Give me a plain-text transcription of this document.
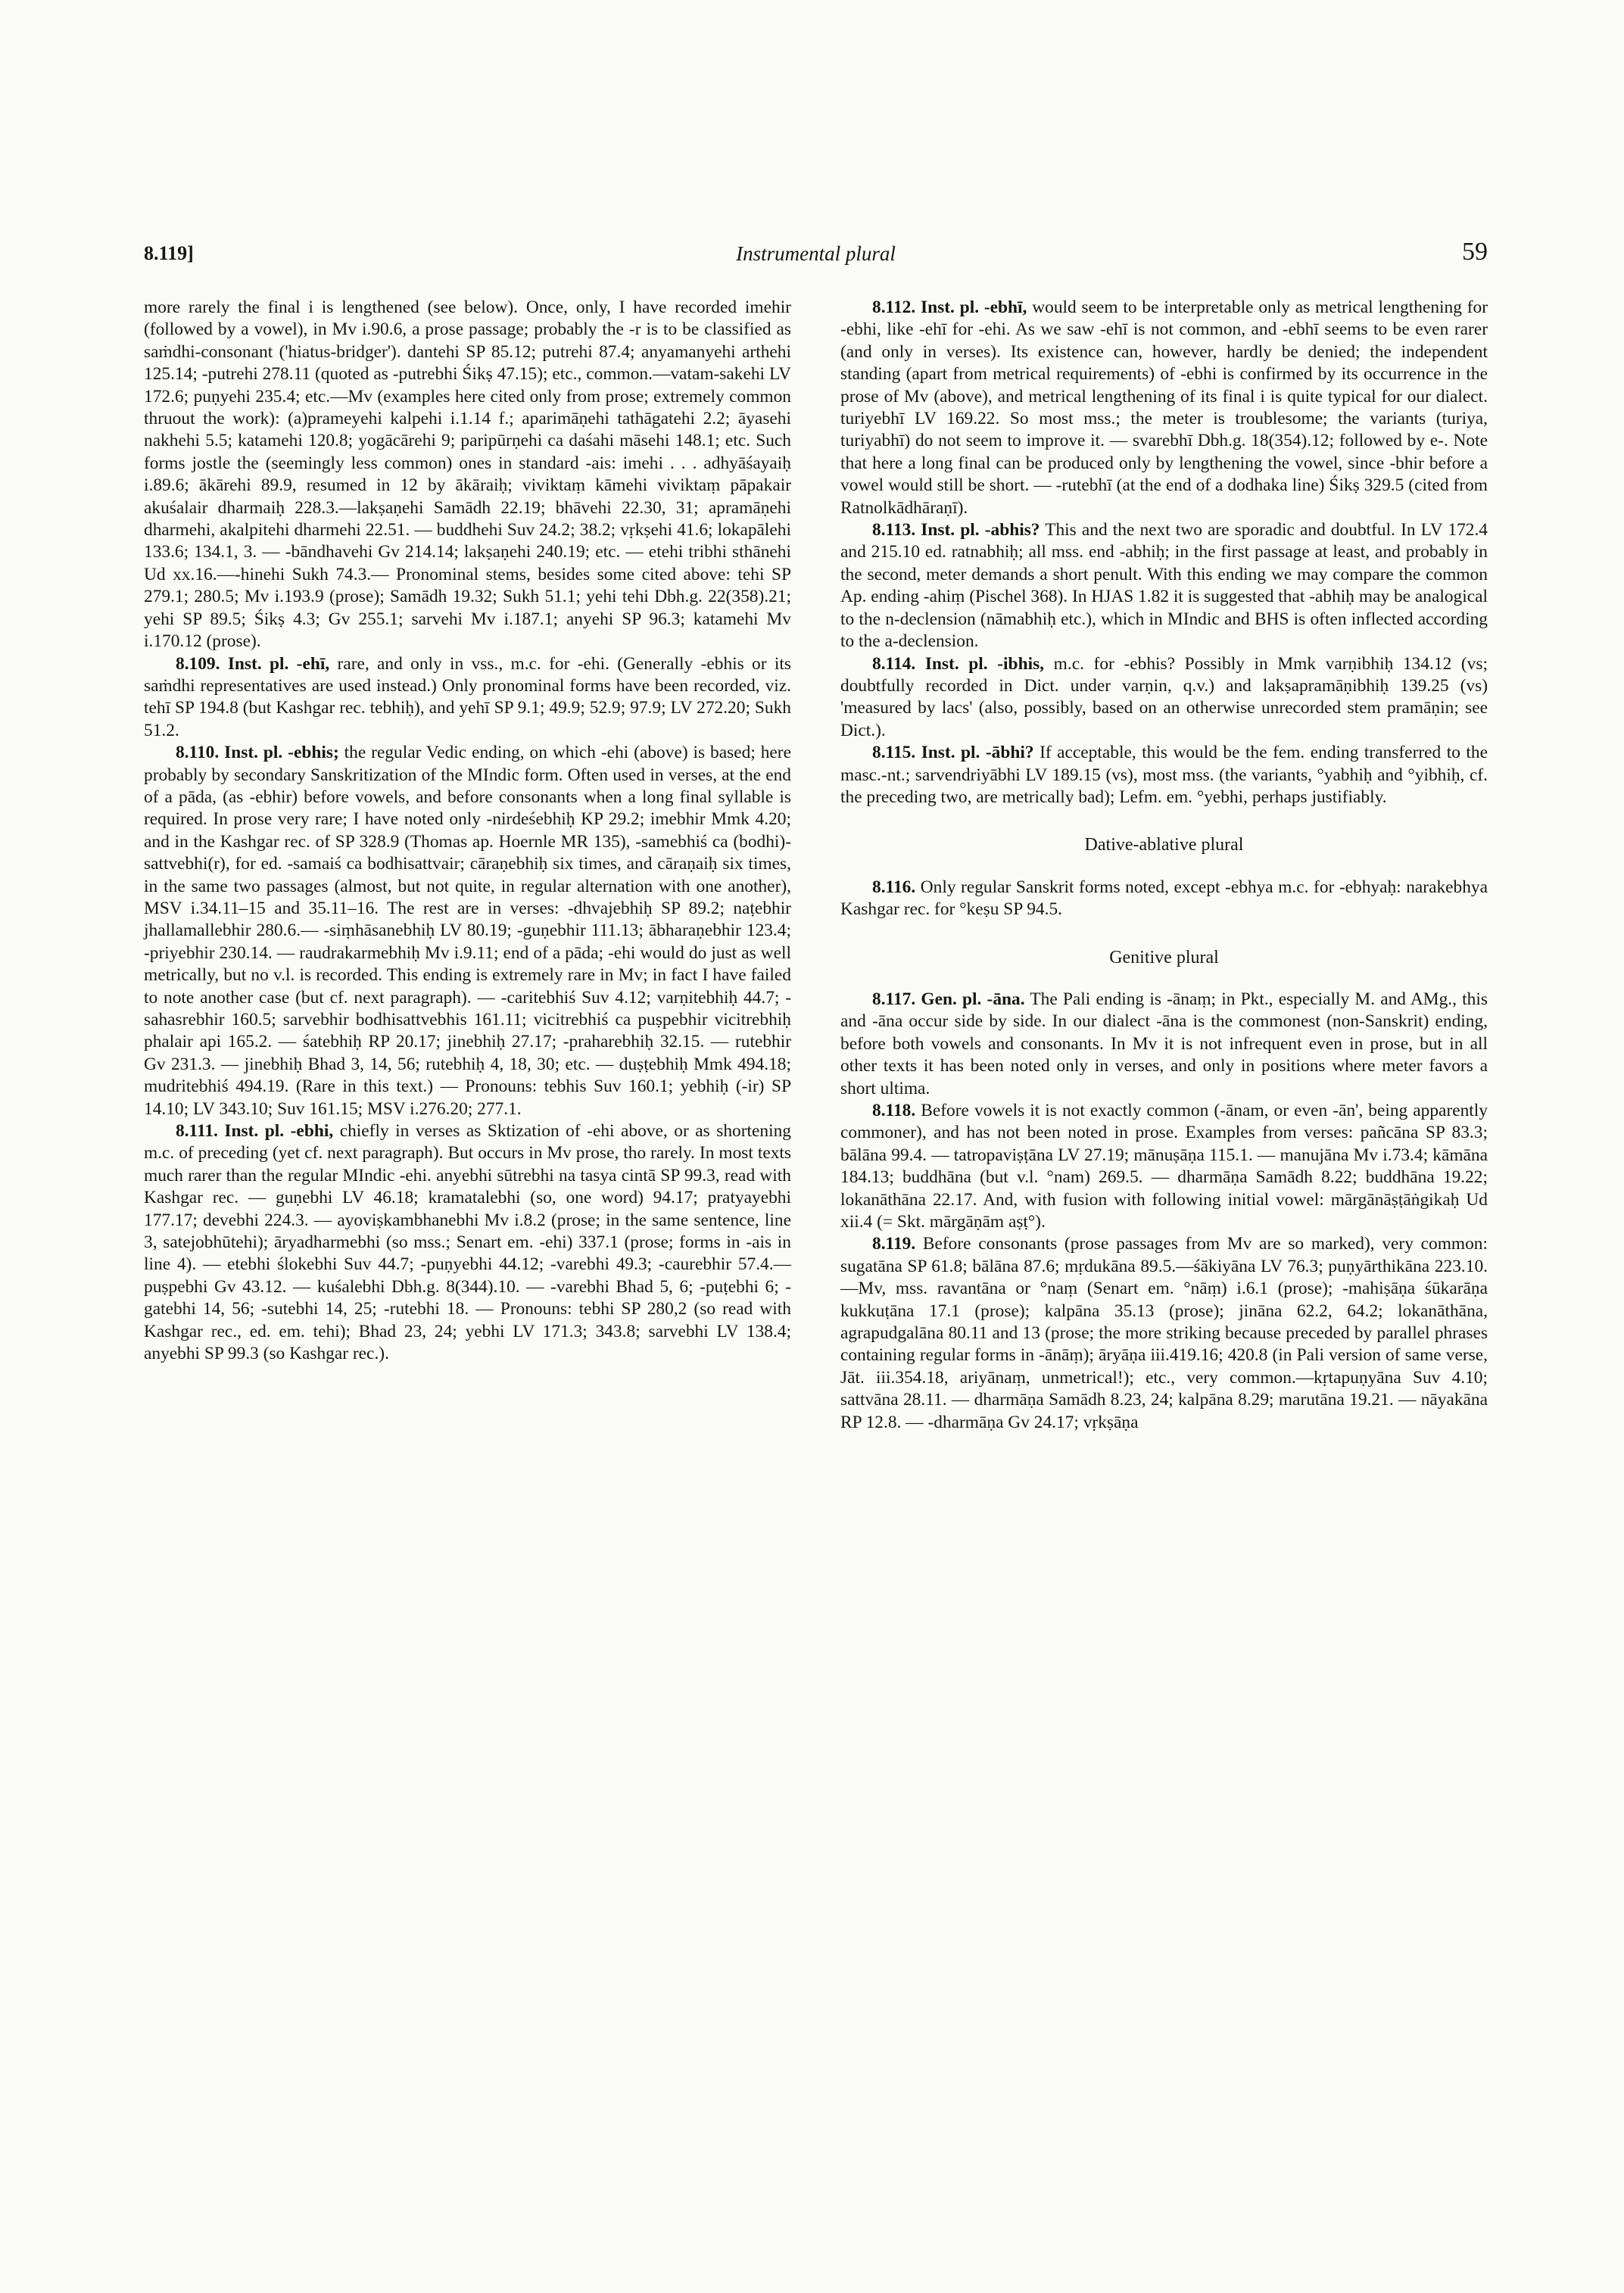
8.119]	Instrumental plural	59

more rarely the final i is lengthened (see below). Once, only, I have recorded imehir (followed by a vowel), in Mv i.90.6, a prose passage; probably the -r is to be classified as saṁdhi-consonant ('hiatus-bridger'). dantehi SP 85.12; putrehi 87.4; anyamanyehi arthehi 125.14; -putrehi 278.11 (quoted as -putrebhi Śikṣ 47.15); etc., common.—vatam-sakehi LV 172.6; puṇyehi 235.4; etc.—Mv (examples here cited only from prose; extremely common thruout the work): (a)prameyehi kalpehi i.1.14 f.; aparimāṇehi tathāgatehi 2.2; āyasehi nakhehi 5.5; katamehi 120.8; yogācārehi 9; paripūrṇehi ca daśahi māsehi 148.1; etc. Such forms jostle the (seemingly less common) ones in standard -ais: imehi . . . adhyāśayaiḥ i.89.6; ākārehi 89.9, resumed in 12 by ākāraiḥ; viviktaṃ kāmehi viviktaṃ pāpakair akuśalair dharmaiḥ 228.3.—lakṣaṇehi Samādh 22.19; bhāvehi 22.30, 31; apramāṇehi dharmehi, akalpitehi dharmehi 22.51. — buddhehi Suv 24.2; 38.2; vṛkṣehi 41.6; lokapālehi 133.6; 134.1, 3. — -bāndhavehi Gv 214.14; lakṣaṇehi 240.19; etc. — etehi tribhi sthānehi Ud xx.16.—-hinehi Sukh 74.3.— Pronominal stems, besides some cited above: tehi SP 279.1; 280.5; Mv i.193.9 (prose); Samādh 19.32; Sukh 51.1; yehi tehi Dbh.g. 22(358).21; yehi SP 89.5; Śikṣ 4.3; Gv 255.1; sarvehi Mv i.187.1; anyehi SP 96.3; katamehi Mv i.170.12 (prose).

8.109. Inst. pl. -ehī, rare, and only in vss., m.c. for -ehi. (Generally -ebhis or its saṁdhi representatives are used instead.) Only pronominal forms have been recorded, viz. tehī SP 194.8 (but Kashgar rec. tebhiḥ), and yehī SP 9.1; 49.9; 52.9; 97.9; LV 272.20; Sukh 51.2.

8.110. Inst. pl. -ebhis; the regular Vedic ending, on which -ehi (above) is based; here probably by secondary Sanskritization of the MIndic form. Often used in verses, at the end of a pāda, (as -ebhir) before vowels, and before consonants when a long final syllable is required. In prose very rare; I have noted only -nirdeśebhiḥ KP 29.2; imebhir Mmk 4.20; and in the Kashgar rec. of SP 328.9 (Thomas ap. Hoernle MR 135), -samebhiś ca (bodhi)-sattvebhi(r), for ed. -samaiś ca bodhisattvair; cāraṇebhiḥ six times, and cāraṇaiḥ six times, in the same two passages (almost, but not quite, in regular alternation with one another), MSV i.34.11–15 and 35.11–16. The rest are in verses: -dhvajebhiḥ SP 89.2; naṭebhir jhallamallebhir 280.6.— -siṃhāsanebhiḥ LV 80.19; -guṇebhir 111.13; ābharaṇebhir 123.4; -priyebhir 230.14. — raudrakarmebhiḥ Mv i.9.11; end of a pāda; -ehi would do just as well metrically, but no v.l. is recorded. This ending is extremely rare in Mv; in fact I have failed to note another case (but cf. next paragraph). — -caritebhiś Suv 4.12; varṇitebhiḥ 44.7; -sahasrebhir 160.5; sarvebhir bodhisattvebhis 161.11; vicitrebhiś ca puṣpebhir vicitrebhiḥ phalair api 165.2. — śatebhiḥ RP 20.17; jinebhiḥ 27.17; -praharebhiḥ 32.15. — rutebhir Gv 231.3. — jinebhiḥ Bhad 3, 14, 56; rutebhiḥ 4, 18, 30; etc. — duṣṭebhiḥ Mmk 494.18; mudritebhiś 494.19. (Rare in this text.) — Pronouns: tebhis Suv 160.1; yebhiḥ (-ir) SP 14.10; LV 343.10; Suv 161.15; MSV i.276.20; 277.1.

8.111. Inst. pl. -ebhi, chiefly in verses as Sktization of -ehi above, or as shortening m.c. of preceding (yet cf. next paragraph). But occurs in Mv prose, tho rarely. In most texts much rarer than the regular MIndic -ehi. anyebhi sūtrebhi na tasya cintā SP 99.3, read with Kashgar rec. — guṇebhi LV 46.18; kramatalebhi (so, one word) 94.17; pratyayebhi 177.17; devebhi 224.3. — ayoviṣkambhanebhi Mv i.8.2 (prose; in the same sentence, line 3, satejobhūtehi); āryadharmebhi (so mss.; Senart em. -ehi) 337.1 (prose; forms in -ais in line 4). — etebhi ślokebhi Suv 44.7; -puṇyebhi 44.12; -varebhi 49.3; -caurebhir 57.4.—puṣpebhi Gv 43.12. — kuśalebhi Dbh.g. 8(344).10. — -varebhi Bhad 5, 6; -puṭebhi 6; -gatebhi 14, 56; -sutebhi 14, 25; -rutebhi 18. — Pronouns: tebhi SP 280,2 (so read with Kashgar rec., ed. em. tehi); Bhad 23, 24; yebhi LV 171.3; 343.8; sarvebhi LV 138.4; anyebhi SP 99.3 (so Kashgar rec.).

8.112. Inst. pl. -ebhī, would seem to be interpretable only as metrical lengthening for -ebhi, like -ehī for -ehi. As we saw -ehī is not common, and -ebhī seems to be even rarer (and only in verses). Its existence can, however, hardly be denied; the independent standing (apart from metrical requirements) of -ebhi is confirmed by its occurrence in the prose of Mv (above), and metrical lengthening of its final i is quite typical for our dialect. turiyebhī LV 169.22. So most mss.; the meter is troublesome; the variants (turiya, turiyabhī) do not seem to improve it. — svarebhī Dbh.g. 18(354).12; followed by e-. Note that here a long final can be produced only by lengthening the vowel, since -bhir before a vowel would still be short. — -rutebhī (at the end of a dodhaka line) Śikṣ 329.5 (cited from Ratnolkādhāraṇī).

8.113. Inst. pl. -abhis? This and the next two are sporadic and doubtful. In LV 172.4 and 215.10 ed. ratnabhiḥ; all mss. end -abhiḥ; in the first passage at least, and probably in the second, meter demands a short penult. With this ending we may compare the common Ap. ending -ahiṃ (Pischel 368). In HJAS 1.82 it is suggested that -abhiḥ may be analogical to the n-declension (nāmabhiḥ etc.), which in MIndic and BHS is often inflected according to the a-declension.

8.114. Inst. pl. -ibhis, m.c. for -ebhis? Possibly in Mmk varṇibhiḥ 134.12 (vs; doubtfully recorded in Dict. under varṇin, q.v.) and lakṣapramāṇibhiḥ 139.25 (vs) 'measured by lacs' (also, possibly, based on an otherwise unrecorded stem pramāṇin; see Dict.).

8.115. Inst. pl. -ābhi? If acceptable, this would be the fem. ending transferred to the masc.-nt.; sarvendriyābhi LV 189.15 (vs), most mss. (the variants, °yabhiḥ and °yibhiḥ, cf. the preceding two, are metrically bad); Lefm. em. °yebhi, perhaps justifiably.

Dative-ablative plural

8.116. Only regular Sanskrit forms noted, except -ebhya m.c. for -ebhyaḥ: narakebhya Kashgar rec. for °keṣu SP 94.5.

Genitive plural

8.117. Gen. pl. -āna. The Pali ending is -ānaṃ; in Pkt., especially M. and AMg., this and -āna occur side by side. In our dialect -āna is the commonest (non-Sanskrit) ending, before both vowels and consonants. In Mv it is not infrequent even in prose, but in all other texts it has been noted only in verses, and only in positions where meter favors a short ultima.

8.118. Before vowels it is not exactly common (-ānam, or even -ān', being apparently commoner), and has not been noted in prose. Examples from verses: pañcāna SP 83.3; bālāna 99.4. — tatropaviṣṭāna LV 27.19; mānuṣāṇa 115.1. — manujāna Mv i.73.4; kāmāna 184.13; buddhāna (but v.l. °nam) 269.5. — dharmāṇa Samādh 8.22; buddhāna 19.22; lokanāthāna 22.17. And, with fusion with following initial vowel: mārgānāṣṭāṅgikaḥ Ud xii.4 (= Skt. mārgāṇām aṣṭ°).

8.119. Before consonants (prose passages from Mv are so marked), very common: sugatāna SP 61.8; bālāna 87.6; mṛdukāna 89.5.—śākiyāna LV 76.3; puṇyārthikāna 223.10.—Mv, mss. ravantāna or °naṃ (Senart em. °nāṃ) i.6.1 (prose); -mahiṣāṇa śūkarāṇa kukkuṭāna 17.1 (prose); kalpāna 35.13 (prose); jināna 62.2, 64.2; lokanāthāna, agrapudgalāna 80.11 and 13 (prose; the more striking because preceded by parallel phrases containing regular forms in -ānāṃ); āryāṇa iii.419.16; 420.8 (in Pali version of same verse, Jāt. iii.354.18, ariyānaṃ, unmetrical!); etc., very common.—kṛtapuṇyāna Suv 4.10; sattvāna 28.11. — dharmāṇa Samādh 8.23, 24; kalpāna 8.29; marutāna 19.21. — nāyakāna RP 12.8. — -dharmāṇa Gv 24.17; vṛkṣāṇa
